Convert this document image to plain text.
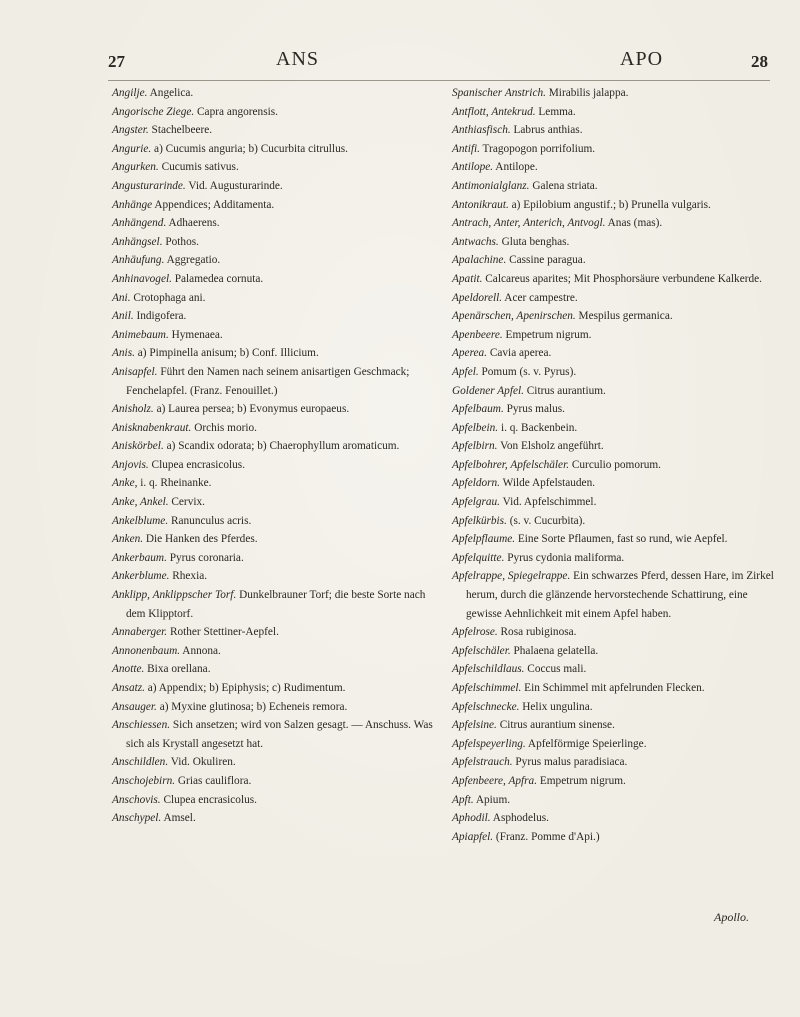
27	ANS	APO	28

Angilje. Angelica.

Angorische Ziege. Capra angorensis.

Angster. Stachelbeere.

Angurie. a) Cucumis anguria; b) Cucurbita citrullus.

Angurken. Cucumis sativus.

Angusturarinde. Vid. Augusturarinde.

Anhänge Appendices; Additamenta.

Anhängend. Adhaerens.

Anhängsel. Pothos.

Anhäufung. Aggregatio.

Anhinavogel. Palamedea cornuta.

Ani. Crotophaga ani.

Anil. Indigofera.

Animebaum. Hymenaea.

Anis. a) Pimpinella anisum; b) Conf. Illicium.

Anisapfel. Führt den Namen nach seinem anisartigen Geschmack; Fenchelapfel. (Franz. Fenouillet.)

Anisholz. a) Laurea persea; b) Evonymus europaeus.

Anisknabenkraut. Orchis morio.

Aniskörbel. a) Scandix odorata; b) Chaerophyllum aromaticum.

Anjovis. Clupea encrasicolus.

Anke, i. q. Rheinanke.

Anke, Ankel. Cervix.

Ankelblume. Ranunculus acris.

Anken. Die Hanken des Pferdes.

Ankerbaum. Pyrus coronaria.

Ankerblume. Rhexia.

Anklipp, Anklippscher Torf. Dunkelbrauner Torf; die beste Sorte nach dem Klipptorf.

Annaberger. Rother Stettiner-Aepfel.

Annonenbaum. Annona.

Anotte. Bixa orellana.

Ansatz. a) Appendix; b) Epiphysis; c) Rudimentum.

Ansauger. a) Myxine glutinosa; b) Echeneis remora.

Anschiessen. Sich ansetzen; wird von Salzen gesagt. — Anschuss. Was sich als Krystall angesetzt hat.

Anschildlen. Vid. Okuliren.

Anschojebirn. Grias cauliflora.

Anschovis. Clupea encrasicolus.

Anschypel. Amsel.

Spanischer Anstrich. Mirabilis jalappa.

Antflott, Antekrud. Lemma.

Anthiasfisch. Labrus anthias.

Antifi. Tragopogon porrifolium.

Antilope. Antilope.

Antimonialglanz. Galena striata.

Antonikraut. a) Epilobium angustif.; b) Prunella vulgaris.

Antrach, Anter, Anterich, Antvogl. Anas (mas).

Antwachs. Gluta benghas.

Apalachine. Cassine paragua.

Apatit. Calcareus aparites; Mit Phosphorsäure verbundene Kalkerde.

Apeldorell. Acer campestre.

Apenärschen, Apenirschen. Mespilus germanica.

Apenbeere. Empetrum nigrum.

Aperea. Cavia aperea.

Apfel. Pomum (s. v. Pyrus).

Goldener Apfel. Citrus aurantium.

Apfelbaum. Pyrus malus.

Apfelbein. i. q. Backenbein.

Apfelbirn. Von Elsholz angeführt.

Apfelbohrer, Apfelschäler. Curculio pomorum.

Apfeldorn. Wilde Apfelstauden.

Apfelgrau. Vid. Apfelschimmel.

Apfelkürbis. (s. v. Cucurbita).

Apfelpflaume. Eine Sorte Pflaumen, fast so rund, wie Aepfel.

Apfelquitte. Pyrus cydonia maliforma.

Apfelrappe, Spiegelrappe. Ein schwarzes Pferd, dessen Hare, im Zirkel herum, durch die glänzende hervorstechende Schattirung, eine gewisse Aehnlichkeit mit einem Apfel haben.

Apfelrose. Rosa rubiginosa.

Apfelschäler. Phalaena gelatella.

Apfelschildlaus. Coccus mali.

Apfelschimmel. Ein Schimmel mit apfelrunden Flecken.

Apfelschnecke. Helix ungulina.

Apfelsine. Citrus aurantium sinense.

Apfelspeyerling. Apfelförmige Speierlinge.

Apfelstrauch. Pyrus malus paradisiaca.

Apfenbeere, Apfra. Empetrum nigrum.

Apft. Apium.

Aphodil. Asphodelus.

Apiapfel. (Franz. Pomme d'Api.)

Apollo.
